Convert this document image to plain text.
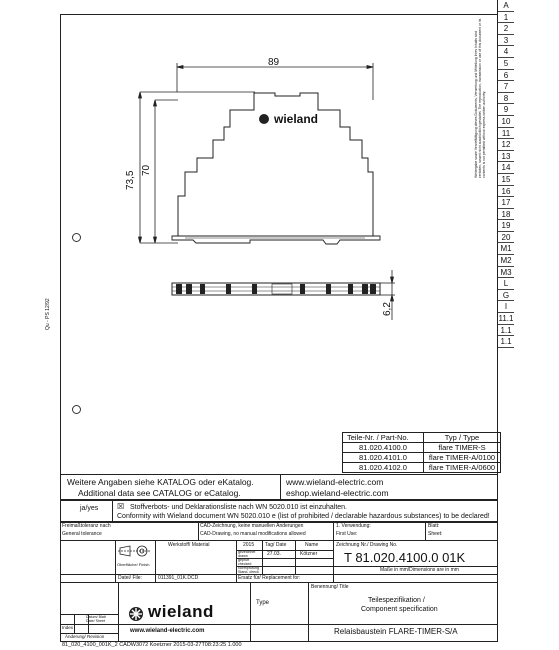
Qu - PS 12/92
A
1
2
3
4
5
6
7
8
9
10
11
12
13
14
15
16
17
18
19
20
M1
M2
M3
L
G
I
11.1
1.1
1.1
Weitergabe sowie Vervielfältigung dieses Dokuments, Verwertung und Mitteilung ihres Inhalts sind verboten, soweit nicht ausdrücklich gestattet. The reproduction, transmission or use of this document or its contents is not permitted without express written authority.
89
73,5
70
6,2
wieland
Teile-Nr. / Part-No.	Typ / Type
81.020.4100.0	flare TIMER-S
81.020.4101.0	flare TIMER-A/0100
81.020.4102.0	flare TIMER-A/0600
Weitere Angaben siehe KATALOG oder eKatalog.
Additional data see CATALOG or eCatalog.
www.wieland-electric.com
eshop.wieland-electric.com
ja/yes ☒ Stoffverbots- und Deklarationsliste nach WN 5020.010 ist einzuhalten.
Conformity with Wieland document WN 5020.010 e (list of prohibited / declarable hazardous substances) to be declared!
Freimaßtoleranz nach
General tolerance
CAD-Zeichnung, keine manuellen Änderungen
CAD-Drawing, no manual modifications allowed
1. Verwendung:
First Use:
Blatt:
Sheet:
Oberfläche/ Finish
Werkstoff/ Material	2015 Tag/ Date	Name
gezeichnet drawn	27.03.	Kötzner
geprüft checked
Normprüfung Stand. check
Zeichnung Nr./ Drawing No.
T 81.020.4100.0 01K
Maße in mm/Dimensions are in mm
Datei/ File:	011391_01K.DCD	Ersatz für/ Replacement for:
Index
Datum/ Blatt Date/ Sheet
Änderung/ Revision
wieland
www.wieland-electric.com
Type
Benennung/ Title
Teilespezifikation /
Component specification
Relaisbaustein FLARE-TIMER-S/A
81_020_4100_001K_2 CADW3072 Koetzner 2015-03-27T08:23:25 1.000
